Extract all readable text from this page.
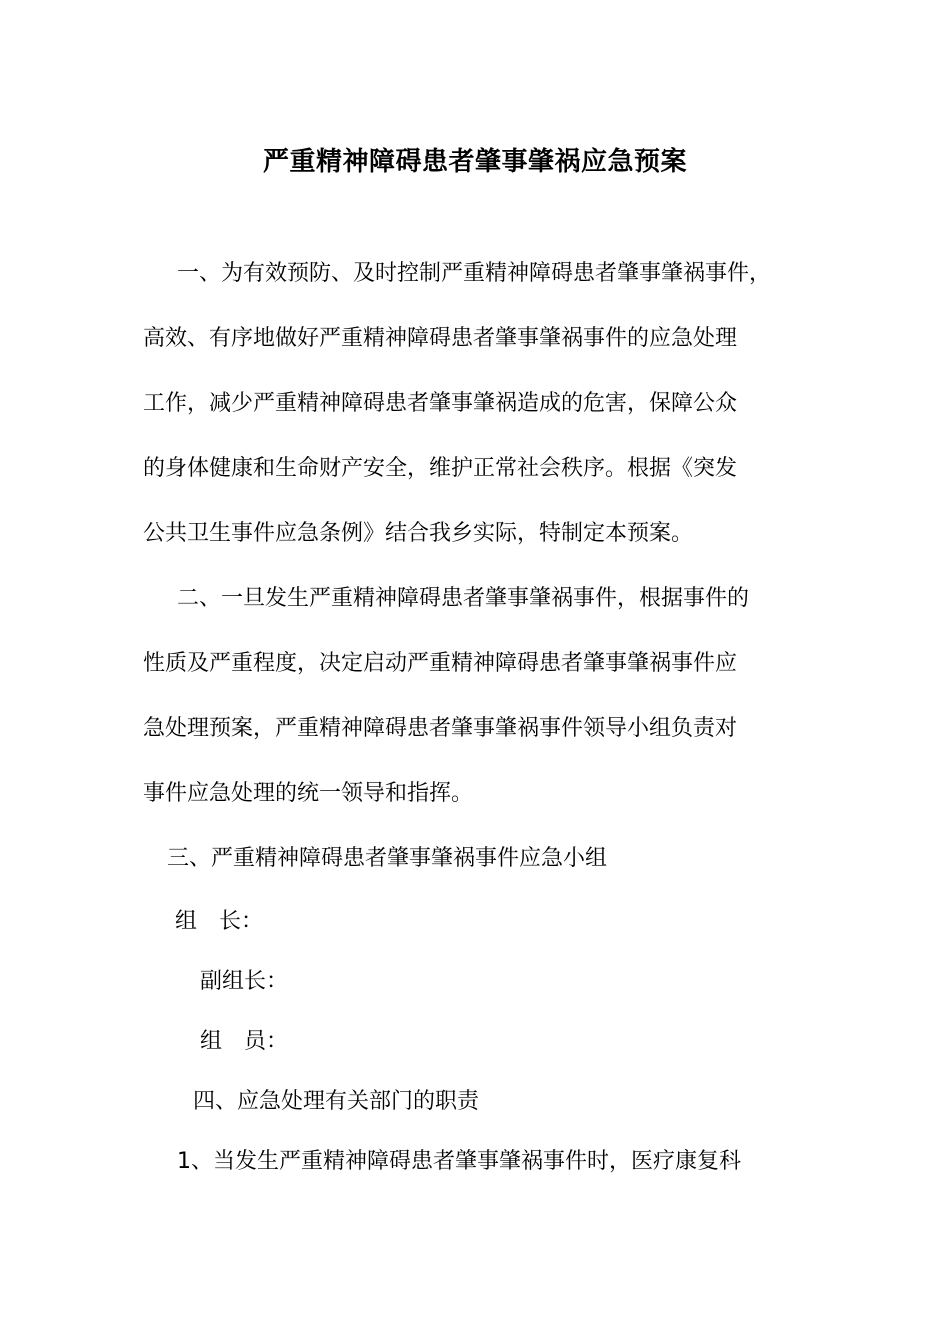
严重精神障碍患者肇事肇祸应急预案
一、为有效预防、及时控制严重精神障碍患者肇事肇祸事件，
高效、有序地做好严重精神障碍患者肇事肇祸事件的应急处理
工作，减少严重精神障碍患者肇事肇祸造成的危害，保障公众
的身体健康和生命财产安全，维护正常社会秩序。根据《突发
公共卫生事件应急条例》结合我乡实际，特制定本预案。
二、一旦发生严重精神障碍患者肇事肇祸事件，根据事件的
性质及严重程度，决定启动严重精神障碍患者肇事肇祸事件应
急处理预案，严重精神障碍患者肇事肇祸事件领导小组负责对
事件应急处理的统一领导和指挥。
三、严重精神障碍患者肇事肇祸事件应急小组
组　长：
副组长：
组　员：
四、应急处理有关部门的职责
1、当发生严重精神障碍患者肇事肇祸事件时，医疗康复科
